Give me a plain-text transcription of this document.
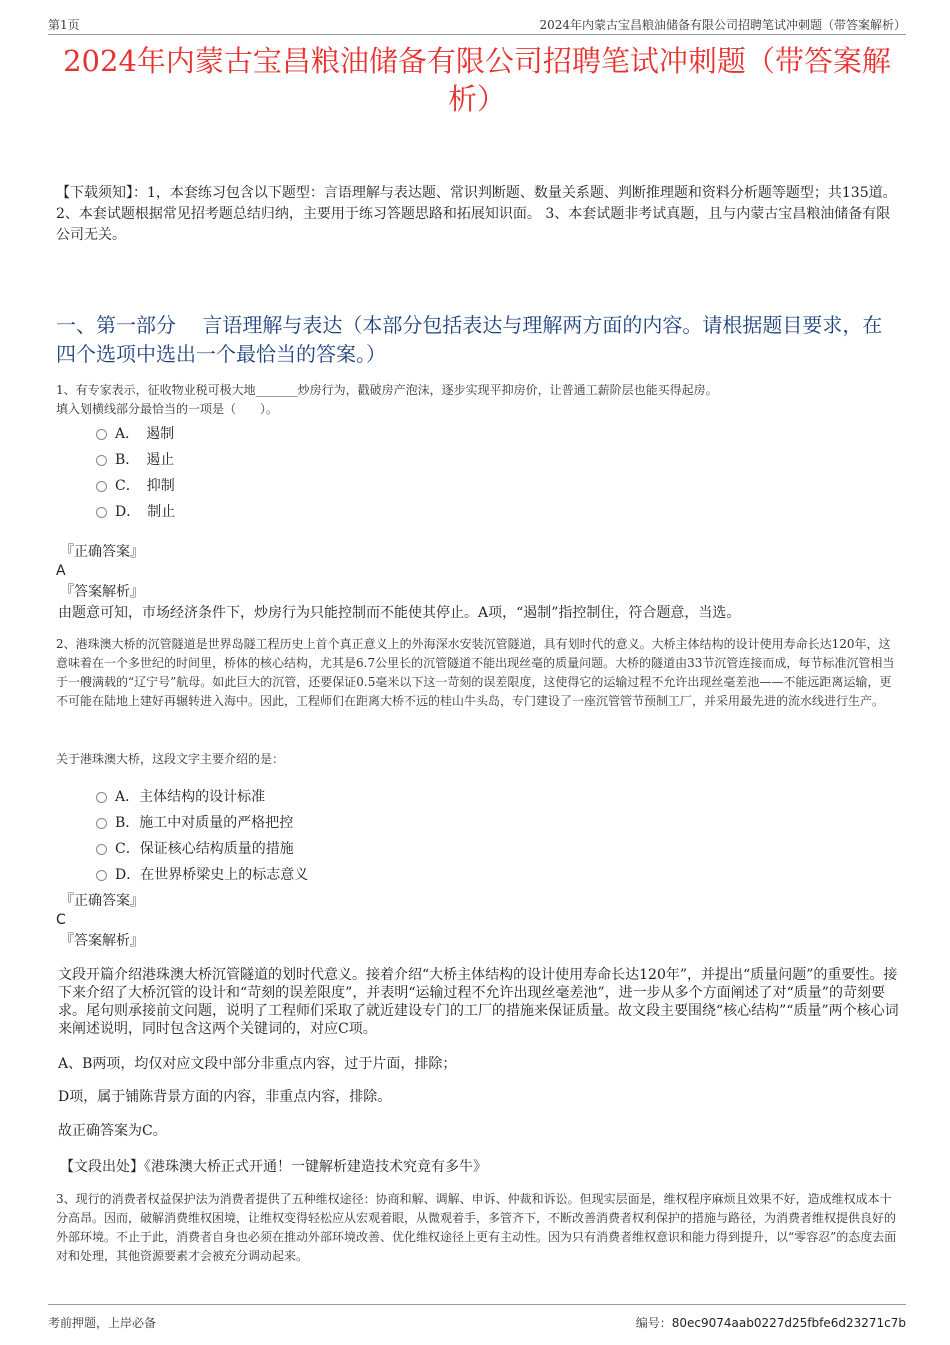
第1页	2024年内蒙古宝昌粮油储备有限公司招聘笔试冲刺题（带答案解析）
2024年内蒙古宝昌粮油储备有限公司招聘笔试冲刺题（带答案解析）
【下载须知】：1，本套练习包含以下题型：言语理解与表达题、常识判断题、数量关系题、判断推理题和资料分析题等题型；共135道。 2、本套试题根据常见招考题总结归纳，主要用于练习答题思路和拓展知识面。 3、本套试题非考试真题，且与内蒙古宝昌粮油储备有限公司无关。
一、第一部分　 言语理解与表达（本部分包括表达与理解两方面的内容。请根据题目要求，在四个选项中选出一个最恰当的答案。）
1、有专家表示，征收物业税可极大地_______炒房行为，戳破房产泡沫，逐步实现平抑房价，让普通工薪阶层也能买得起房。
填入划横线部分最恰当的一项是（　　）。
A．　遏制
B．　遏止
C．　抑制
D．　制止
『正确答案』
A
『答案解析』
由题意可知，市场经济条件下，炒房行为只能控制而不能使其停止。A项，“遏制”指控制住，符合题意，当选。
2、港珠澳大桥的沉管隧道是世界岛隧工程历史上首个真正意义上的外海深水安装沉管隧道，具有划时代的意义。大桥主体结构的设计使用寿命长达120年，这意味着在一个多世纪的时间里，桥体的核心结构，尤其是6.7公里长的沉管隧道不能出现丝毫的质量问题。大桥的隧道由33节沉管连接而成，每节标准沉管相当于一艘满载的“辽宁号”航母。如此巨大的沉管，还要保证0.5毫米以下这一苛刻的误差限度，这使得它的运输过程不允许出现丝毫差池——不能远距离运输，更不可能在陆地上建好再辗转进入海中。因此，工程师们在距离大桥不远的桂山牛头岛，专门建设了一座沉管管节预制工厂，并采用最先进的流水线进行生产。
关于港珠澳大桥，这段文字主要介绍的是：
A．主体结构的设计标准
B．施工中对质量的严格把控
C．保证核心结构质量的措施
D．在世界桥梁史上的标志意义
『正确答案』
C
『答案解析』
文段开篇介绍港珠澳大桥沉管隧道的划时代意义。接着介绍“大桥主体结构的设计使用寿命长达120年”，并提出“质量问题”的重要性。接下来介绍了大桥沉管的设计和“苛刻的误差限度”，并表明“运输过程不允许出现丝毫差池”，进一步从多个方面阐述了对“质量”的苛刻要求。尾句则承接前文问题，说明了工程师们采取了就近建设专门的工厂的措施来保证质量。故文段主要围绕“核心结构”“质量”两个核心词来阐述说明，同时包含这两个关键词的，对应C项。
A、B两项，均仅对应文段中部分非重点内容，过于片面，排除；
D项，属于铺陈背景方面的内容，非重点内容，排除。
故正确答案为C。
【文段出处】《港珠澳大桥正式开通！一键解析建造技术究竟有多牛》
3、现行的消费者权益保护法为消费者提供了五种维权途径：协商和解、调解、申诉、仲裁和诉讼。但现实层面是，维权程序麻烦且效果不好，造成维权成本十分高昂。因而，破解消费维权困境，让维权变得轻松应从宏观着眼，从微观着手，多管齐下，不断改善消费者权利保护的措施与路径，为消费者维权提供良好的外部环境。不止于此，消费者自身也必须在推动外部环境改善、优化维权途径上更有主动性。因为只有消费者维权意识和能力得到提升，以“零容忍”的态度去面对和处理，其他资源要素才会被充分调动起来。
考前押题，上岸必备	编号：80ec9074aab0227d25fbfe6d23271c7b
